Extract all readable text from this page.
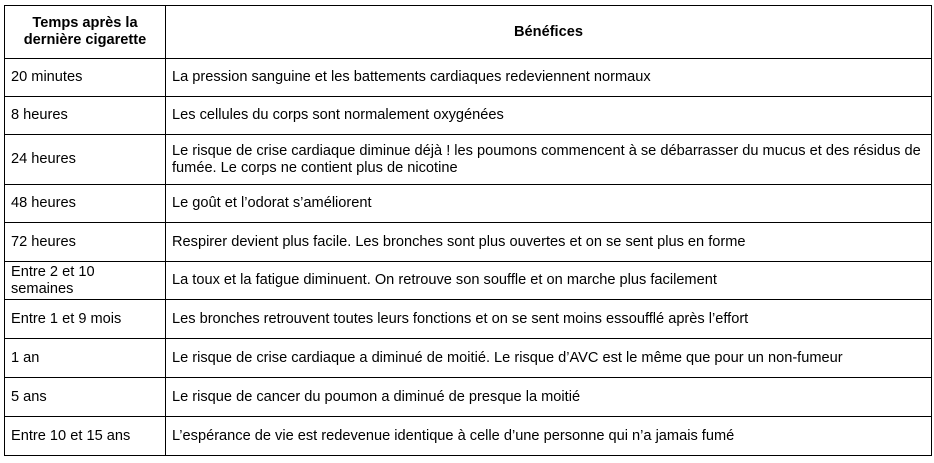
Temps après la dernière cigarette	Bénéfices
20 minutes	La pression sanguine et les battements cardiaques redeviennent normaux
8 heures	Les cellules du corps sont normalement oxygénées
24 heures	Le risque de crise cardiaque diminue déjà ! les poumons commencent à se débarrasser du mucus et des résidus de fumée. Le corps ne contient plus de nicotine
48 heures	Le goût et l’odorat s’améliorent
72 heures	Respirer devient plus facile. Les bronches sont plus ouvertes et on se sent plus en forme
Entre 2 et 10 semaines	La toux et la fatigue diminuent. On retrouve son souffle et on marche plus facilement
Entre 1 et 9 mois	Les bronches retrouvent toutes leurs fonctions et on se sent moins essoufflé après l’effort
1 an	Le risque de crise cardiaque a diminué de moitié. Le risque d’AVC est le même que pour un non-fumeur
5 ans	Le risque de cancer du poumon a diminué de presque la moitié
Entre 10 et 15 ans	L’espérance de vie est redevenue identique à celle d’une personne qui n’a jamais fumé
